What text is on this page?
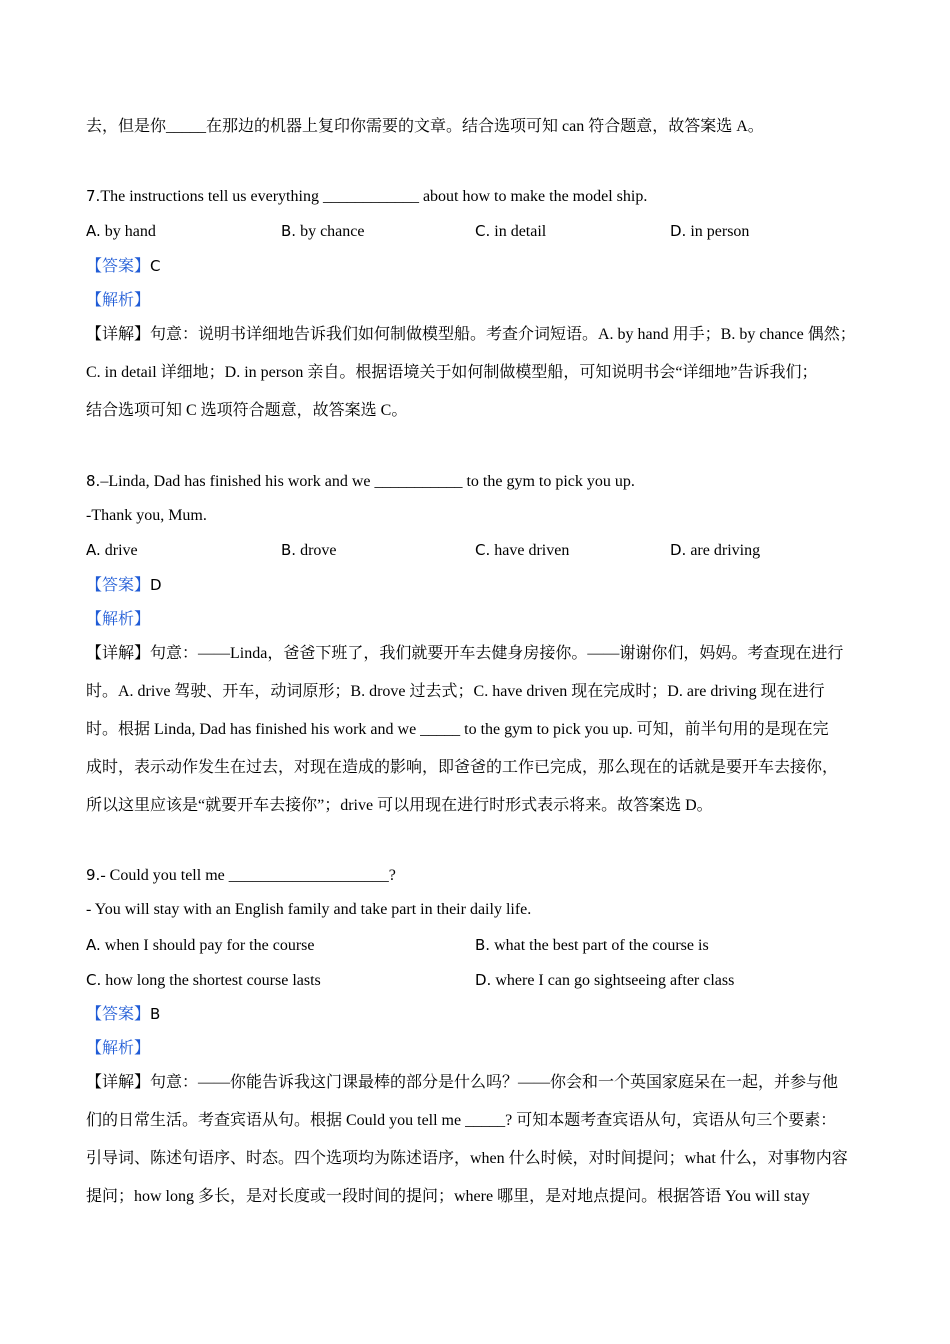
去，但是你_____在那边的机器上复印你需要的文章。结合选项可知 can 符合题意，故答案选 A。
7.The instructions tell us everything ____________ about how to make the model ship.
A. by hand	B. by chance	C. in detail	D. in person
【答案】C
【解析】
【详解】句意：说明书详细地告诉我们如何制做模型船。考查介词短语。A. by hand 用手；B. by chance 偶然；
C. in detail 详细地；D. in person 亲自。根据语境关于如何制做模型船，可知说明书会“详细地”告诉我们；
结合选项可知 C 选项符合题意，故答案选 C。
8.–Linda, Dad has finished his work and we ___________ to the gym to pick you up.
-Thank you, Mum.
A. drive	B. drove	C. have driven	D. are driving
【答案】D
【解析】
【详解】句意：——Linda，爸爸下班了，我们就要开车去健身房接你。——谢谢你们，妈妈。考查现在进行
时。A. drive 驾驶、开车，动词原形；B. drove 过去式；C. have driven 现在完成时；D. are driving 现在进行
时。根据 Linda, Dad has finished his work and we _____ to the gym to pick you up. 可知，前半句用的是现在完
成时，表示动作发生在过去，对现在造成的影响，即爸爸的工作已完成，那么现在的话就是要开车去接你，
所以这里应该是“就要开车去接你”；drive 可以用现在进行时形式表示将来。故答案选 D。
9.- Could you tell me ____________________?
- You will stay with an English family and take part in their daily life.
A. when I should pay for the course	B. what the best part of the course is
C. how long the shortest course lasts	D. where I can go sightseeing after class
【答案】B
【解析】
【详解】句意：——你能告诉我这门课最棒的部分是什么吗？——你会和一个英国家庭呆在一起，并参与他
们的日常生活。考查宾语从句。根据 Could you tell me _____? 可知本题考查宾语从句，宾语从句三个要素：
引导词、陈述句语序、时态。四个选项均为陈述语序，when 什么时候，对时间提问；what 什么，对事物内容
提问；how long 多长，是对长度或一段时间的提问；where 哪里，是对地点提问。根据答语 You will stay
